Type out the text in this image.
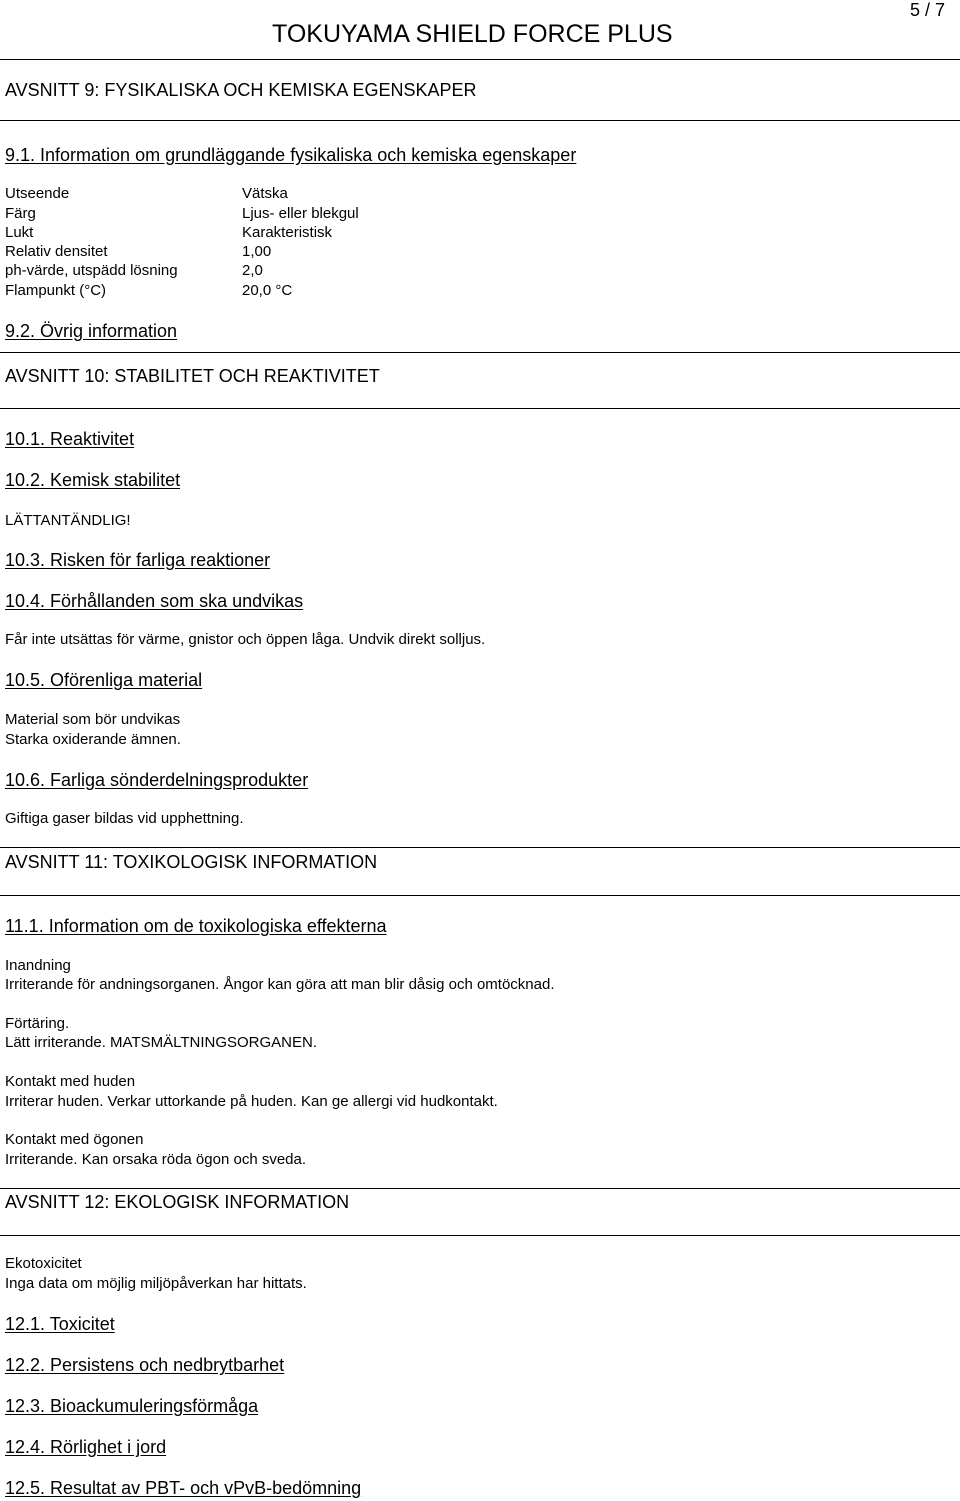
5 / 7
TOKUYAMA SHIELD FORCE PLUS
AVSNITT 9: FYSIKALISKA OCH KEMISKA EGENSKAPER
9.1. Information om grundläggande fysikaliska och kemiska egenskaper
Utseende	Vätska
Färg	Ljus- eller blekgul
Lukt	Karakteristisk
Relativ densitet	1,00
ph-värde, utspädd lösning	2,0
Flampunkt (°C)	20,0 °C
9.2. Övrig information
AVSNITT 10: STABILITET OCH REAKTIVITET
10.1. Reaktivitet
10.2. Kemisk stabilitet
LÄTTANTÄNDLIG!
10.3. Risken för farliga reaktioner
10.4. Förhållanden som ska undvikas
Får inte utsättas för värme, gnistor och öppen låga. Undvik direkt solljus.
10.5. Oförenliga material
Material som bör undvikas
Starka oxiderande ämnen.
10.6. Farliga sönderdelningsprodukter
Giftiga gaser bildas vid upphettning.
AVSNITT 11: TOXIKOLOGISK INFORMATION
11.1. Information om de toxikologiska effekterna
Inandning
Irriterande för andningsorganen. Ångor kan göra att man blir dåsig och omtöcknad.
Förtäring.
Lätt irriterande. MATSMÄLTNINGSORGANEN.
Kontakt med huden
Irriterar huden. Verkar uttorkande på huden. Kan ge allergi vid hudkontakt.
Kontakt med ögonen
Irriterande. Kan orsaka röda ögon och sveda.
AVSNITT 12: EKOLOGISK INFORMATION
Ekotoxicitet
Inga data om möjlig miljöpåverkan har hittats.
12.1. Toxicitet
12.2. Persistens och nedbrytbarhet
12.3. Bioackumuleringsförmåga
12.4. Rörlighet i jord
12.5. Resultat av PBT- och vPvB-bedömning
